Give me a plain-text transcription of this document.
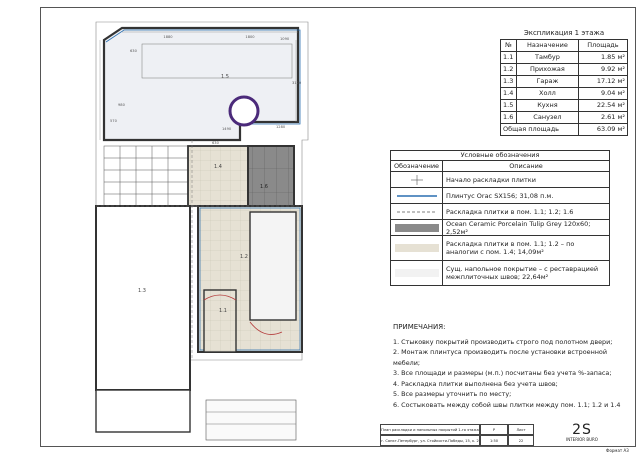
1.5
1.4
1.6
1.2
1.3
1.1
1880	1800
630
1090
570
980
3120
1280
1490
630
Экспликация 1 этажа
№	Назначение	Площадь
1.1	Тамбур	1.85 м²
1.2	Прихожая	9.92 м²
1.3	Гараж	17.12 м²
1.4	Холл	9.04 м²
1.5	Кухня	22.54 м²
1.6	Санузел	2.61 м²
Общая площадь		63.09 м²
Условные обозначения
Обозначение	Описание
Начало раскладки плитки
Плинтус Orac SX156; 31,08 п.м.
Раскладка плитки в пом. 1.1; 1.2; 1.6
Ocean Ceramic Porcelain Tulip Grey 120х60; 2,52м²
Раскладка плитки в пом. 1.1; 1.2 – по аналогии с пом. 1.4; 14,09м²
Сущ. напольное покрытие – с реставрацией межплиточных швов; 22,64м²
ПРИМЕЧАНИЯ:
1. Стыковку покрытий производить строго под полотном двери;
2. Монтаж плинтуса производить после установки встроенной мебели;
3. Все площади и размеры (м.п.) посчитаны без учета %-запаса;
4. Раскладка плитки выполнена без учета швов;
5. Все размеры уточнить по месту;
6. Состыковать между собой швы плитки между пом. 1.1; 1.2 и 1.4
План раскладки и напольных покрытий 1-го этажа
г. Санкт-Петербург, ул. Стойкости-Победы, 15, к. 2
Р
1:50
Лист
22
2S
INTERIOR BURO
Формат А3
